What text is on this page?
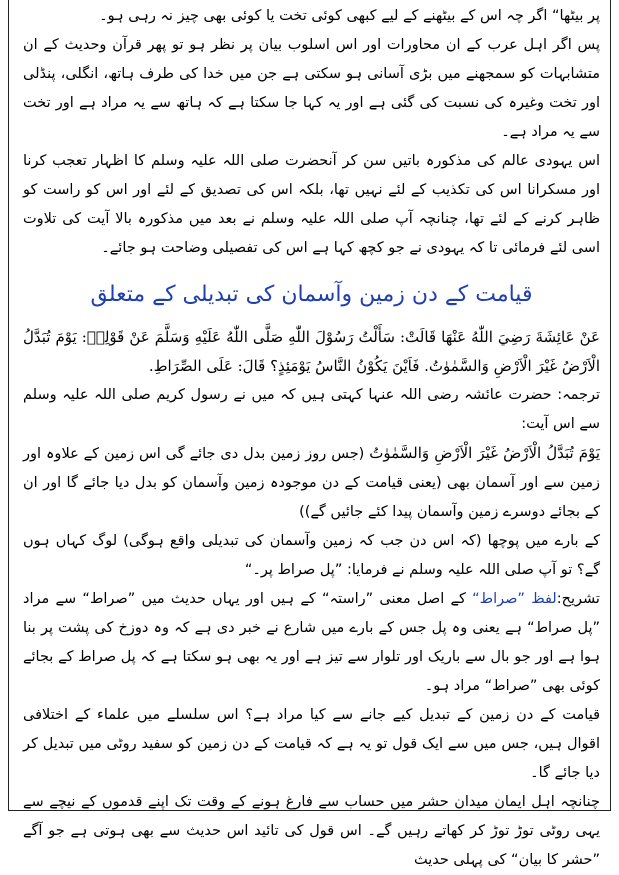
پر بیٹھا“ اگر چہ اس کے بیٹھنے کے لیے کبھی کوئی تخت یا کوئی بھی چیز نہ رہی ہو۔

پس اگر اہل عرب کے ان محاورات اور اس اسلوب بیان پر نظر ہو تو پھر قرآن وحدیث کے ان متشابہات کو سمجھنے میں بڑی آسانی ہو سکتی ہے جن میں خدا کی طرف ہاتھ، انگلی، پنڈلی اور تخت وغیرہ کی نسبت کی گئی ہے اور یہ کہا جا سکتا ہے کہ ہاتھ سے یہ مراد ہے اور تخت سے یہ مراد ہے۔

اس یہودی عالم کی مذکورہ باتیں سن کر آنحضرت صلی اللہ علیہ وسلم کا اظہار تعجب کرنا اور مسکرانا اس کی تکذیب کے لئے نہیں تھا، بلکہ اس کی تصدیق کے لئے اور اس کو راست کو ظاہر کرنے کے لئے تھا، چنانچہ آپ صلی اللہ علیہ وسلم نے بعد میں مذکورہ بالا آیت کی تلاوت اسی لئے فرمائی تا کہ یہودی نے جو کچھ کہا ہے اس کی تفصیلی وضاحت ہو جائے۔

قیامت کے دن زمین وآسمان کی تبدیلی کے متعلق

عَنْ عَائِشَةَ رَضِيَ اللّٰهُ عَنْهَا قَالَتْ: سَأَلْتُ رَسُوْلَ اللّٰهِ صَلَّى اللّٰهُ عَلَيْهِ وَسَلَّمَ عَنْ قَوْلِهٖ: يَوْمَ تُبَدَّلُ الْاَرْضُ غَيْرَ الْاَرْضِ وَالسَّمٰوٰتُ. فَاَيْنَ يَكُوْنُ النَّاسُ يَوْمَئِذٍ؟ قَالَ: عَلَى الصِّرَاطِ.

ترجمہ: حضرت عائشہ رضی اللہ عنہا کہتی ہیں کہ میں نے رسول کریم صلی اللہ علیہ وسلم سے اس آیت:

يَوْمَ تُبَدَّلُ الْاَرْضُ غَيْرَ الْاَرْضِ وَالسَّمٰوٰتُ (جس روز زمین بدل دی جائے گی اس زمین کے علاوہ اور زمین سے اور آسمان بھی (یعنی قیامت کے دن موجودہ زمین وآسمان کو بدل دیا جائے گا اور ان کے بجائے دوسرے زمین وآسمان پیدا کئے جائیں گے))

کے بارے میں پوچھا (کہ اس دن جب کہ زمین وآسمان کی تبدیلی واقع ہوگی) لوگ کہاں ہوں گے؟ تو آپ صلی اللہ علیہ وسلم نے فرمایا: ”پل صراط پر۔“

تشریح:لفظ ”صراط“ کے اصل معنی ”راستہ“ کے ہیں اور یہاں حدیث میں ”صراط“ سے مراد ”پل صراط“ ہے یعنی وہ پل جس کے بارے میں شارع نے خبر دی ہے کہ وہ دوزخ کی پشت پر بنا ہوا ہے اور جو بال سے باریک اور تلوار سے تیز ہے اور یہ بھی ہو سکتا ہے کہ پل صراط کے بجائے کوئی بھی ”صراط“ مراد ہو۔

قیامت کے دن زمین کے تبدیل کیے جانے سے کیا مراد ہے؟ اس سلسلے میں علماء کے اختلافی اقوال ہیں، جس میں سے ایک قول تو یہ ہے کہ قیامت کے دن زمین کو سفید روٹی میں تبدیل کر دیا جائے گا۔

چنانچہ اہل ایمان میدان حشر میں حساب سے فارغ ہونے کے وقت تک اپنے قدموں کے نیچے سے یہی روٹی توڑ توڑ کر کھاتے رہیں گے۔ اس قول کی تائید اس حدیث سے بھی ہوتی ہے جو آگے ”حشر کا بیان“ کی پہلی حدیث
